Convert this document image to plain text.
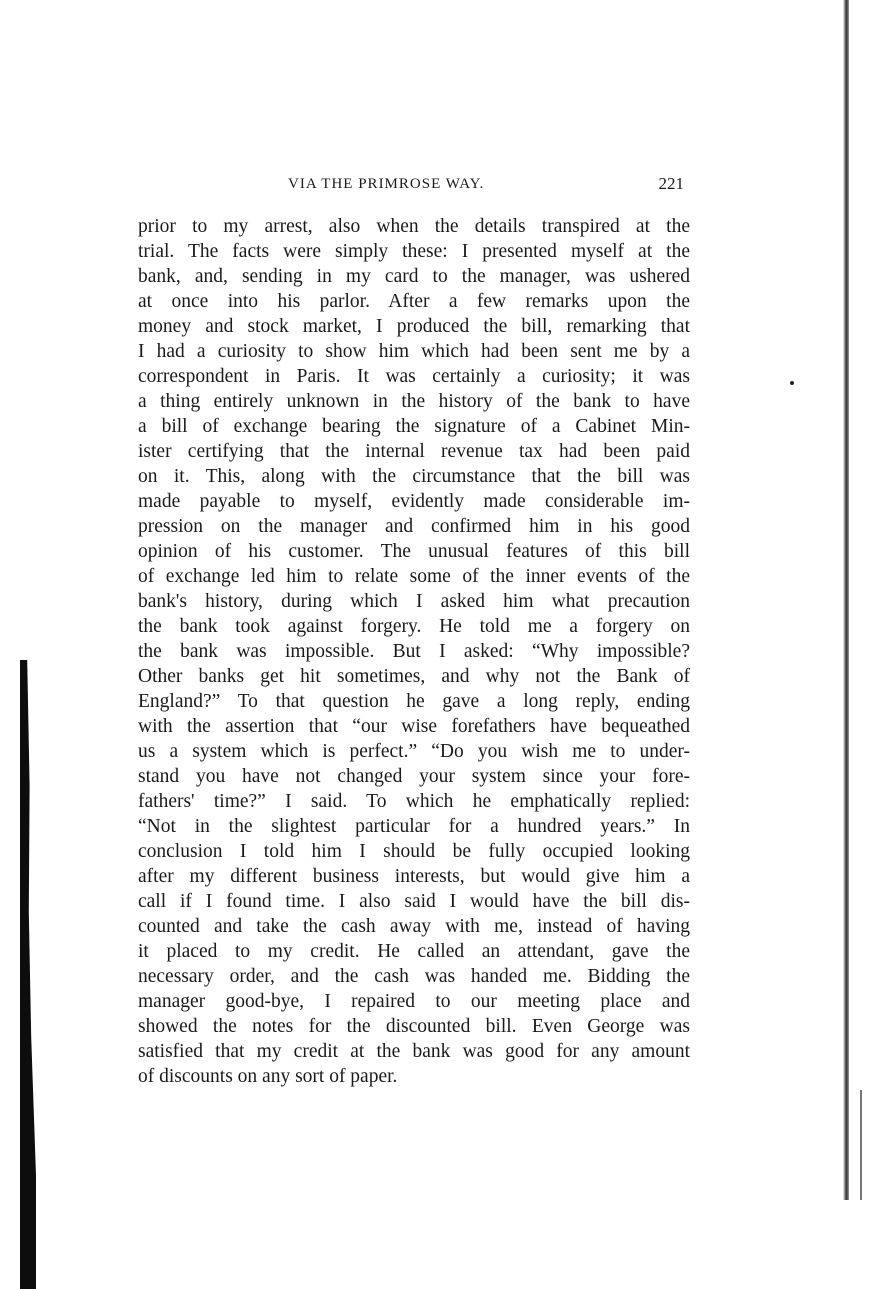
VIA THE PRIMROSE WAY.	221
prior to my arrest, also when the details transpired at the
trial. The facts were simply these: I presented myself at the
bank, and, sending in my card to the manager, was ushered
at once into his parlor. After a few remarks upon the
money and stock market, I produced the bill, remarking that
I had a curiosity to show him which had been sent me by a
correspondent in Paris. It was certainly a curiosity; it was
a thing entirely unknown in the history of the bank to have
a bill of exchange bearing the signature of a Cabinet Min-
ister certifying that the internal revenue tax had been paid
on it. This, along with the circumstance that the bill was
made payable to myself, evidently made considerable im-
pression on the manager and confirmed him in his good
opinion of his customer. The unusual features of this bill
of exchange led him to relate some of the inner events of the
bank's history, during which I asked him what precaution
the bank took against forgery. He told me a forgery on
the bank was impossible. But I asked: “Why impossible?
Other banks get hit sometimes, and why not the Bank of
England?” To that question he gave a long reply, ending
with the assertion that “our wise forefathers have bequeathed
us a system which is perfect.” “Do you wish me to under-
stand you have not changed your system since your fore-
fathers' time?” I said. To which he emphatically replied:
“Not in the slightest particular for a hundred years.” In
conclusion I told him I should be fully occupied looking
after my different business interests, but would give him a
call if I found time. I also said I would have the bill dis-
counted and take the cash away with me, instead of having
it placed to my credit. He called an attendant, gave the
necessary order, and the cash was handed me. Bidding the
manager good-bye, I repaired to our meeting place and
showed the notes for the discounted bill. Even George was
satisfied that my credit at the bank was good for any amount
of discounts on any sort of paper.
